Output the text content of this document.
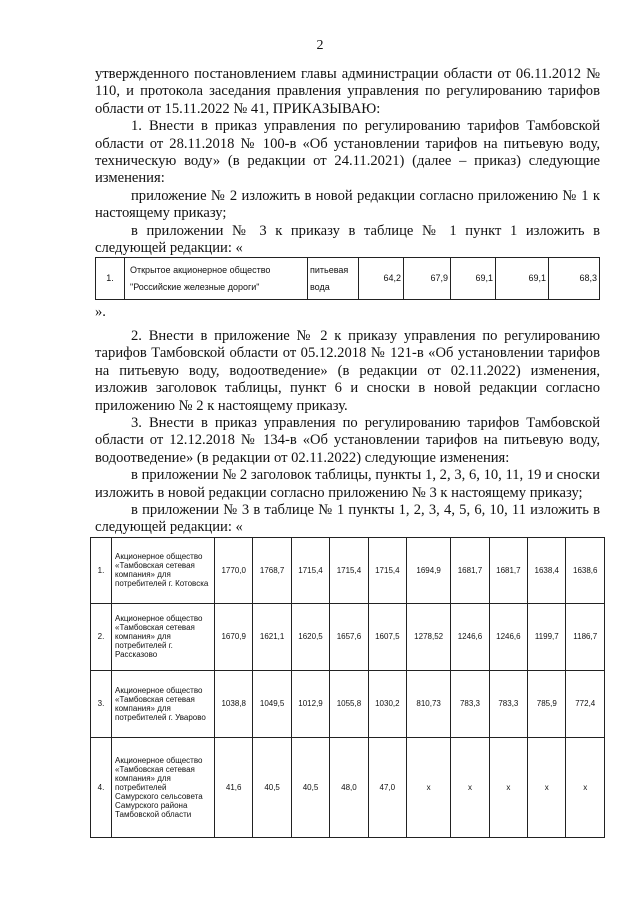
2

утвержденного постановлением главы администрации области от 06.11.2012 № 110, и протокола заседания правления управления по регулированию тарифов области от 15.11.2022 № 41, ПРИКАЗЫВАЮ:

1. Внести в приказ управления по регулированию тарифов Тамбовской области от 28.11.2018 № 100-в «Об установлении тарифов на питьевую воду, техническую воду» (в редакции от 24.11.2021) (далее – приказ) следующие изменения:

приложение № 2 изложить в новой редакции согласно приложению № 1 к настоящему приказу;

в приложении № 3 к приказу в таблице № 1 пункт 1 изложить в следующей редакции: «

1.	Открытое акционерное общество "Российские железные дороги"	питьевая вода	64,2	67,9	69,1	69,1	68,3

».

2. Внести в приложение № 2 к приказу управления по регулированию тарифов Тамбовской области от 05.12.2018 № 121-в «Об установлении тарифов на питьевую воду, водоотведение» (в редакции от 02.11.2022) изменения, изложив заголовок таблицы, пункт 6 и сноски в новой редакции согласно приложению № 2 к настоящему приказу.

3. Внести в приказ управления по регулированию тарифов Тамбовской области от 12.12.2018 № 134-в «Об установлении тарифов на питьевую воду, водоотведение» (в редакции от 02.11.2022) следующие изменения:

в приложении № 2 заголовок таблицы, пункты 1, 2, 3, 6, 10, 11, 19 и сноски изложить в новой редакции согласно приложению № 3 к настоящему приказу;

в приложении № 3 в таблице № 1 пункты 1, 2, 3, 4, 5, 6, 10, 11 изложить в следующей редакции: «

1.	Акционерное общество «Тамбовская сетевая компания» для потребителей г. Котовска	1770,0	1768,7	1715,4	1715,4	1715,4	1694,9	1681,7	1681,7	1638,4	1638,6
2.	Акционерное общество «Тамбовская сетевая компания» для потребителей г. Рассказово	1670,9	1621,1	1620,5	1657,6	1607,5	1278,52	1246,6	1246,6	1199,7	1186,7
3.	Акционерное общество «Тамбовская сетевая компания» для потребителей г. Уварово	1038,8	1049,5	1012,9	1055,8	1030,2	810,73	783,3	783,3	785,9	772,4
4.	Акционерное общество «Тамбовская сетевая компания» для потребителей Самурского сельсовета Самурского района Тамбовской области	41,6	40,5	40,5	48,0	47,0	х	х	х	х	х
